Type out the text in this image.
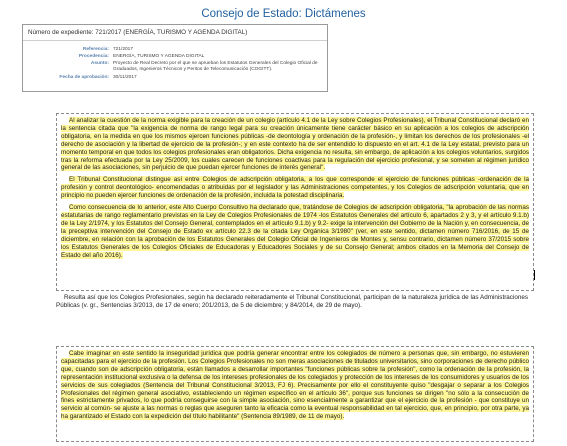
Consejo de Estado: Dictámenes
Número de expediente: 721/2017 (ENERGÍA, TURISMO Y AGENDA DIGITAL)
Referencia: 721/2017
Procedencia: ENERGÍA, TURISMO Y AGENDA DIGITAL
Asunto: Proyecto de Real Decreto por el que se aprueban los Estatutos Generales del Colegio Oficial de Graduados, Ingenieros Técnicos y Peritos de Telecomunicación (COGITT).
Fecha de aprobación: 30/11/2017

Al analizar la cuestión de la norma exigible para la creación de un colegio (artículo 4.1 de la Ley sobre Colegios Profesionales), el Tribunal Constitucional declaró en la sentencia citada que "la exigencia de norma de rango legal para su creación únicamente tiene carácter básico en su aplicación a los colegios de adscripción obligatoria, en la medida en que los mismos ejercen funciones públicas -de deontología y ordenación de la profesión-, y limitan los derechos de los profesionales -el derecho de asociación y la libertad de ejercicio de la profesión-; y en este contexto ha de ser entendido lo dispuesto en el art. 4.1 de la Ley estatal, previsto para un momento temporal en que todos los colegios profesionales eran obligatorios. Dicha exigencia no resulta, sin embargo, de aplicación a los colegios voluntarios, surgidos tras la reforma efectuada por la Ley 25/2009, los cuales carecen de funciones coactivas para la regulación del ejercicio profesional, y se someten al régimen jurídico general de las asociaciones, sin perjuicio de que puedan ejercer funciones de interés general".

El Tribunal Constitucional distingue así entre Colegios de adscripción obligatoria, a los que corresponde el ejercicio de funciones públicas -ordenación de la profesión y control deontológico- encomendadas o atribuidas por el legislador y las Administraciones competentes, y los Colegios de adscripción voluntaria, que en principio no pueden ejercer funciones de ordenación de la profesión, incluida la potestad disciplinaria.

Como consecuencia de lo anterior, este Alto Cuerpo Consultivo ha declarado que, tratándose de Colegios de adscripción obligatoria, "la aprobación de las normas estatutarias de rango reglamentario previstas en la Ley de Colegios Profesionales de 1974 -los Estatutos Generales del artículo 6, apartados 2 y 3, y el artículo 9.1.b) de la Ley 2/1974, y los Estatutos del Consejo General, contemplados en el artículo 9.1.b) y 9.2- exige la intervención del Gobierno de la Nación y, en consecuencia, de la preceptiva intervención del Consejo de Estado ex artículo 22.3 de la citada Ley Orgánica 3/1980" (ver, en este sentido, dictamen número 716/2016, de 15 de diciembre, en relación con la aprobación de los Estatutos Generales del Colegio Oficial de Ingenieros de Montes y, sensu contrario, dictamen número 37/2015 sobre los Estatutos Generales de los Colegios Oficiales de Educadoras y Educadores Sociales y de su Consejo General; ambos citados en la Memoria del Consejo de Estado del año 2016).

Resulta así que los Colegios Profesionales, según ha declarado reiteradamente el Tribunal Constitucional, participan de la naturaleza jurídica de las Administraciones Públicas (v. gr., Sentencias 3/2013, de 17 de enero; 201/2013, de 5 de diciembre; y 84/2014, de 29 de mayo).

Cabe imaginar en este sentido la inseguridad jurídica que podría generar encontrar entre los colegiados de número a personas que, sin embargo, no estuvieren capacitadas para el ejercicio de la profesión. Los Colegios Profesionales no son meras asociaciones de titulados universitarios, sino corporaciones de derecho público que, cuando son de adscripción obligatoria, están llamados a desarrollar importantes "funciones públicas sobre la profesión", como la ordenación de la profesión, la representación institucional exclusiva o la defensa de los intereses profesionales de los colegiados y protección de los intereses de los consumidores y usuarios de los servicios de sus colegiados (Sentencia del Tribunal Constitucional 3/2013, FJ 6). Precisamente por ello el constituyente quiso "desgajar o separar a los Colegios Profesionales del régimen general asociativo, estableciendo un régimen específico en el artículo 36", porque sus funciones se dirigen "no sólo a la consecución de fines estrictamente privados, lo que podría conseguirse con la simple asociación, sino esencialmente a garantizar que el ejercicio de la profesión - que constituye un servicio al común- se ajuste a las normas o reglas que aseguren tanto la eficacia como la eventual responsabilidad en tal ejercicio, que, en principio, por otra parte, ya ha garantizado el Estado con la expedición del título habilitante" (Sentencia 89/1989, de 11 de mayo).
